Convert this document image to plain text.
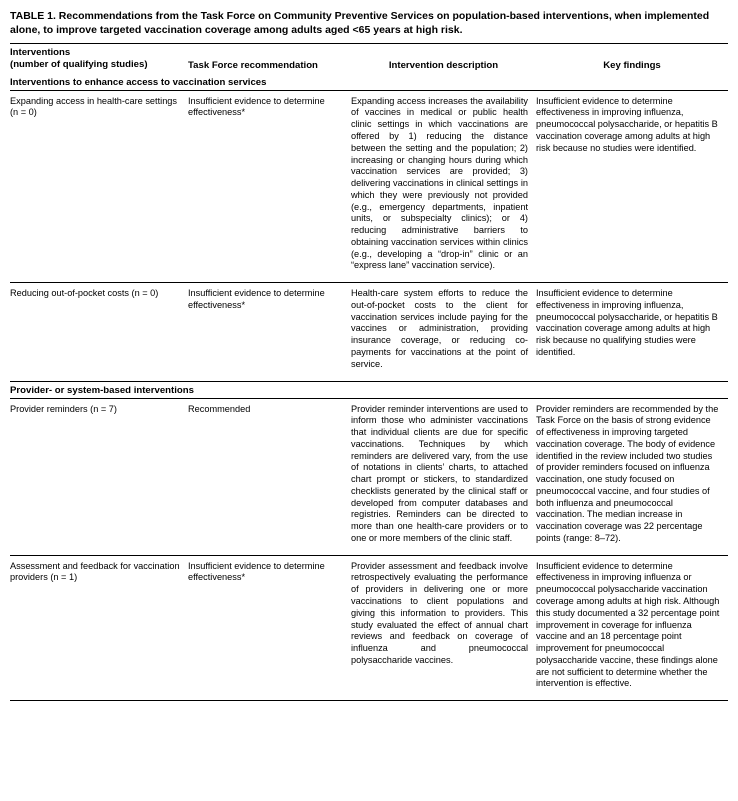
TABLE 1. Recommendations from the Task Force on Community Preventive Services on population-based interventions, when implemented alone, to improve targeted vaccination coverage among adults aged <65 years at high risk.
Interventions
(number of qualifying studies)	Task Force recommendation	Intervention description	Key findings
Interventions to enhance access to vaccination services			
Expanding access in health-care settings (n = 0)	Insufficient evidence to determine effectiveness*	Expanding access increases the availability of vaccines in medical or public health clinic settings in which vaccinations are offered by 1) reducing the distance between the setting and the population; 2) increasing or changing hours during which vaccination services are provided; 3) delivering vaccinations in clinical settings in which they were previously not provided (e.g., emergency departments, inpatient units, or subspecialty clinics); or 4) reducing administrative barriers to obtaining vaccination services within clinics (e.g., developing a “drop-in” clinic or an “express lane” vaccination service).	Insufficient evidence to determine effectiveness in improving influenza, pneumococcal polysaccharide, or hepatitis B vaccination coverage among adults at high risk because no studies were identified.
Reducing out-of-pocket costs (n = 0)	Insufficient evidence to determine effectiveness*	Health-care system efforts to reduce the out-of-pocket costs to the client for vaccination services include paying for the vaccines or administration, providing insurance coverage, or reducing co-payments for vaccinations at the point of service.	Insufficient evidence to determine effectiveness in improving influenza, pneumococcal polysaccharide, or hepatitis B vaccination coverage among adults at high risk because no qualifying studies were identified.
Provider- or system-based interventions			
Provider reminders (n = 7)	Recommended	Provider reminder interventions are used to inform those who administer vaccinations that individual clients are due for specific vaccinations. Techniques by which reminders are delivered vary, from the use of notations in clients’ charts, to attached chart prompt or stickers, to standardized checklists generated by the clinical staff or developed from computer databases and registries. Reminders can be directed to more than one health-care providers or to one or more members of the clinic staff.	Provider reminders are recommended by the Task Force on the basis of strong evidence of effectiveness in improving targeted vaccination coverage. The body of evidence identified in the review included two studies of provider reminders focused on influenza vaccination, one study focused on pneumococcal vaccine, and four studies of both influenza and pneumococcal vaccination. The median increase in vaccination coverage was 22 percentage points (range: 8–72).
Assessment and feedback for vaccination providers (n = 1)	Insufficient evidence to determine effectiveness*	Provider assessment and feedback involve retrospectively evaluating the performance of providers in delivering one or more vaccinations to client populations and giving this information to providers. This study evaluated the effect of annual chart reviews and feedback on coverage of influenza and pneumococcal polysaccharide vaccines.	Insufficient evidence to determine effectiveness in improving influenza or pneumococcal polysaccharide vaccination coverage among adults at high risk. Although this study documented a 32 percentage point improvement in coverage for influenza vaccine and an 18 percentage point improvement for pneumococcal polysaccharide vaccine, these findings alone are not sufficient to determine whether the intervention is effective.
